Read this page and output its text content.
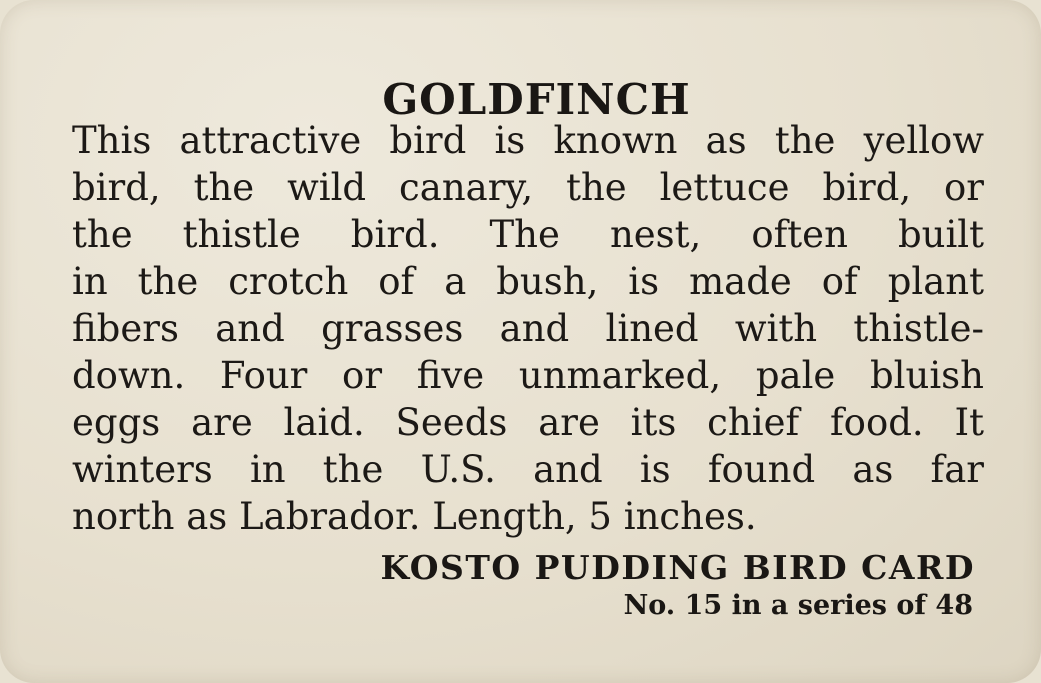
GOLDFINCH
This attractive bird is known as the yellow
bird, the wild canary, the lettuce bird, or
the thistle bird. The nest, often built
in the crotch of a bush, is made of plant
fibers and grasses and lined with thistle-
down. Four or five unmarked, pale bluish
eggs are laid. Seeds are its chief food. It
winters in the U.S. and is found as far
north as Labrador. Length, 5 inches.

KOSTO PUDDING BIRD CARD

No. 15 in a series of 48
